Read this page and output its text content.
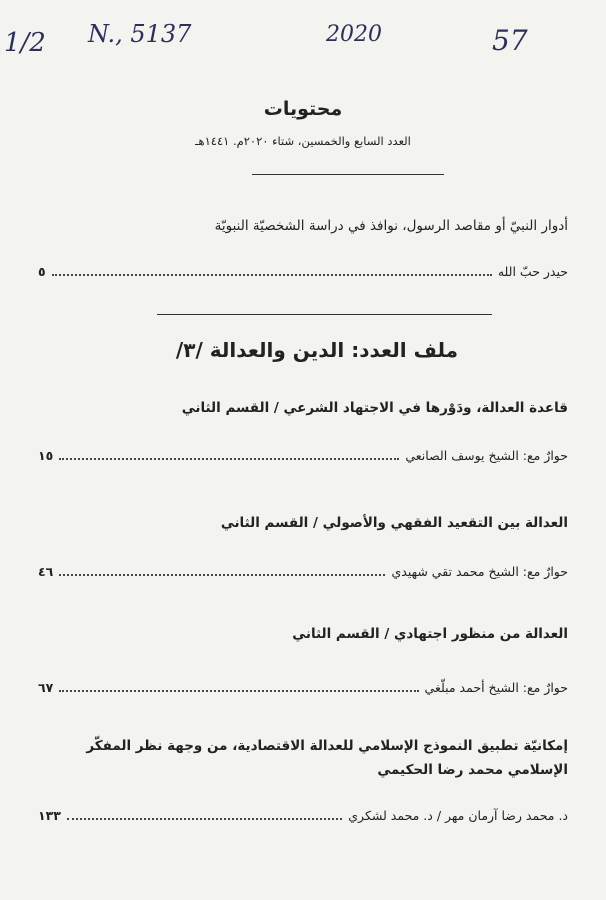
1/2 N., 5137	2020	57
محتويات
العدد السابع والخمسين، شتاء ٢٠٢٠م. ١٤٤١هـ
أدوار النبيّ أو مقاصد الرسول، نوافذ في دراسة الشخصيّة النبويّة
حيدر حبّ الله
٥
ملف العدد: الدين والعدالة /٣/
قاعدة العدالة، ودَوْرها في الاجتهاد الشرعي / القسم الثاني
حوارٌ مع: الشيخ يوسف الصانعي
١٥
العدالة بين التقعيد الفقهي والأصولي / القسم الثاني
حوارٌ مع: الشيخ محمد تقي شهيدي
٤٦
العدالة من منظور اجتهادي / القسم الثاني
حوارٌ مع: الشيخ أحمد مبلّغي
٦٧
إمكانيّة تطبيق النموذج الإسلامي للعدالة الاقتصادية، من وجهة نظر المفكّر الإسلامي محمد رضا الحكيمي
د. محمد رضا آرمان مهر / د. محمد لشكري
١٣٣
